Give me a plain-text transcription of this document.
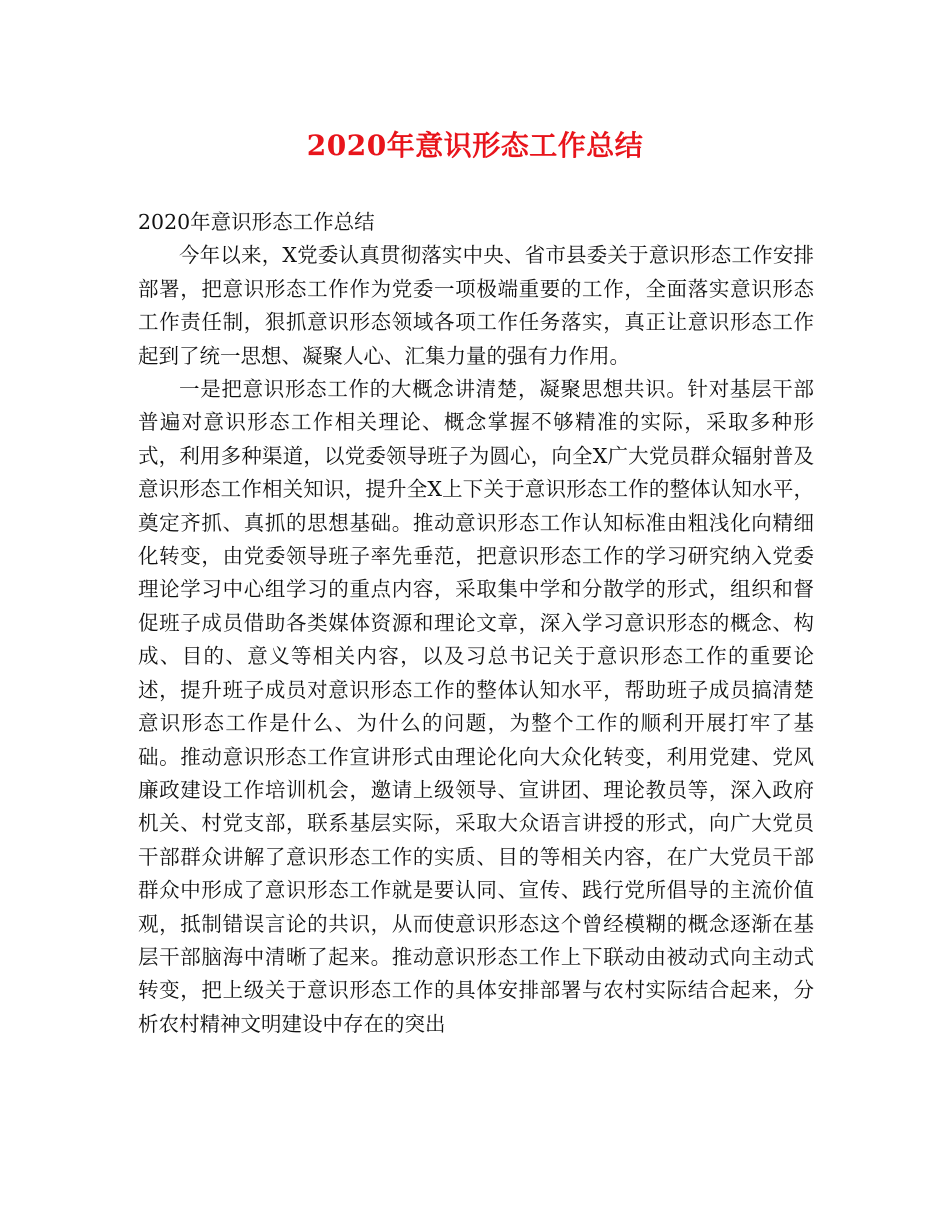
2020年意识形态工作总结

2020年意识形态工作总结

今年以来，X党委认真贯彻落实中央、省市县委关于意识形态工作安排部署，把意识形态工作作为党委一项极端重要的工作，全面落实意识形态工作责任制，狠抓意识形态领域各项工作任务落实，真正让意识形态工作起到了统一思想、凝聚人心、汇集力量的强有力作用。

一是把意识形态工作的大概念讲清楚，凝聚思想共识。针对基层干部普遍对意识形态工作相关理论、概念掌握不够精准的实际，采取多种形式，利用多种渠道，以党委领导班子为圆心，向全X广大党员群众辐射普及意识形态工作相关知识，提升全X上下关于意识形态工作的整体认知水平，奠定齐抓、真抓的思想基础。推动意识形态工作认知标准由粗浅化向精细化转变，由党委领导班子率先垂范，把意识形态工作的学习研究纳入党委理论学习中心组学习的重点内容，采取集中学和分散学的形式，组织和督促班子成员借助各类媒体资源和理论文章，深入学习意识形态的概念、构成、目的、意义等相关内容，以及习总书记关于意识形态工作的重要论述，提升班子成员对意识形态工作的整体认知水平，帮助班子成员搞清楚意识形态工作是什么、为什么的问题，为整个工作的顺利开展打牢了基础。推动意识形态工作宣讲形式由理论化向大众化转变，利用党建、党风廉政建设工作培训机会，邀请上级领导、宣讲团、理论教员等，深入政府机关、村党支部，联系基层实际，采取大众语言讲授的形式，向广大党员干部群众讲解了意识形态工作的实质、目的等相关内容，在广大党员干部群众中形成了意识形态工作就是要认同、宣传、践行党所倡导的主流价值观，抵制错误言论的共识，从而使意识形态这个曾经模糊的概念逐渐在基层干部脑海中清晰了起来。推动意识形态工作上下联动由被动式向主动式转变，把上级关于意识形态工作的具体安排部署与农村实际结合起来，分析农村精神文明建设中存在的突出
